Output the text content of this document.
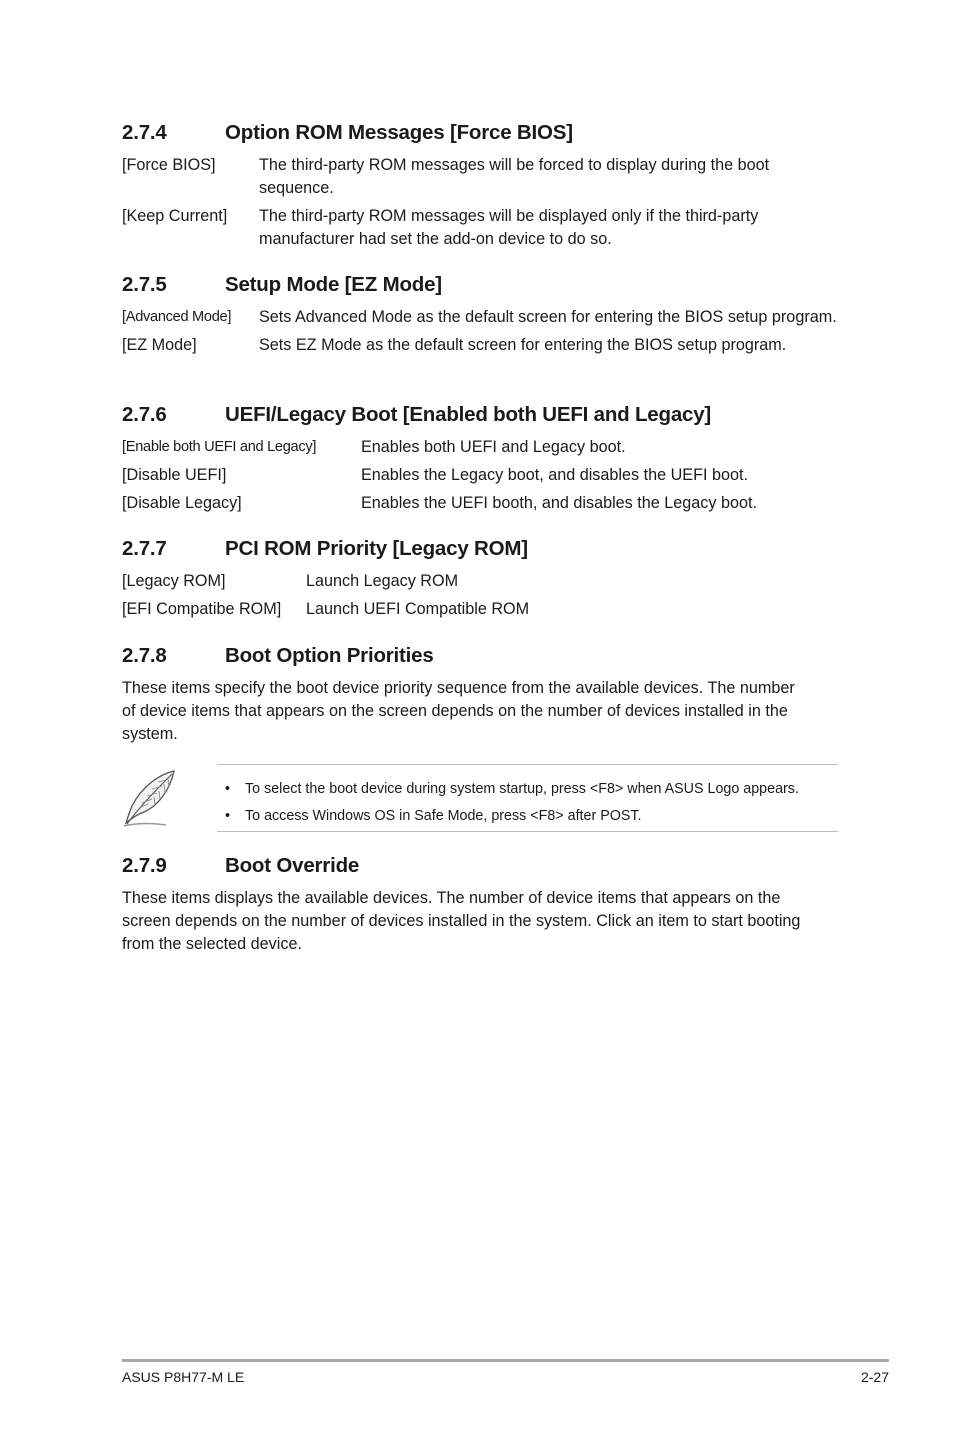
2.7.4	Option ROM Messages [Force BIOS]
[Force BIOS]	The third-party ROM messages will be forced to display during the boot sequence.
[Keep Current]	The third-party ROM messages will be displayed only if the third-party manufacturer had set the add-on device to do so.
2.7.5	Setup Mode [EZ Mode]
[Advanced Mode]	Sets Advanced Mode as the default screen for entering the BIOS setup program.
[EZ Mode]	Sets EZ Mode as the default screen for entering the BIOS setup program.
2.7.6	UEFI/Legacy Boot [Enabled both UEFI and Legacy]
[Enable both UEFI and Legacy]	Enables both UEFI and Legacy boot.
[Disable UEFI]	Enables the Legacy boot, and disables the UEFI boot.
[Disable Legacy]	Enables the UEFI booth, and disables the Legacy boot.
2.7.7	PCI ROM Priority [Legacy ROM]
[Legacy ROM]	Launch Legacy ROM
[EFI Compatibe ROM]	Launch UEFI Compatible ROM
2.7.8	Boot Option Priorities

These items specify the boot device priority sequence from the available devices. The number of device items that appears on the screen depends on the number of devices installed in the system.

•	To select the boot device during system startup, press <F8> when ASUS Logo appears.
•	To access Windows OS in Safe Mode, press <F8> after POST.
2.7.9	Boot Override

These items displays the available devices. The number of device items that appears on the screen depends on the number of devices installed in the system. Click an item to start booting from the selected device.

ASUS P8H77-M LE	2-27
